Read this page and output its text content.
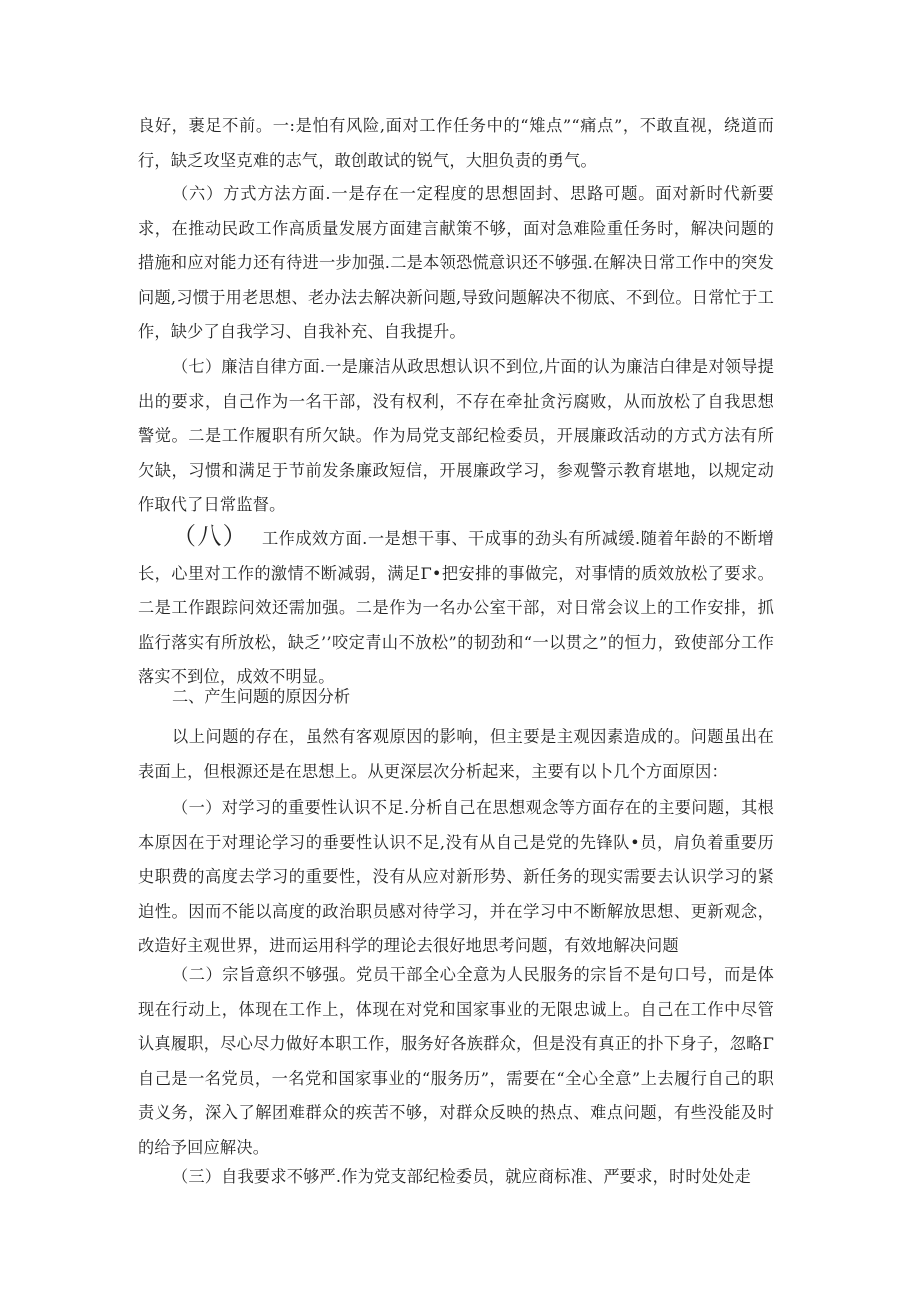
良好，裹足不前。一:是怕有风险,面对工作任务中的“雉点”“痛点”，不敢直视，绕道而行，缺乏攻坚克难的志气，敢创敢试的锐气，大胆负责的勇气。

（六）方式方法方面.一是存在一定程度的思想固封、思路可题。面对新时代新要求，在推动民政工作高质量发展方面建言献策不够，面对急难险重任务时，解决问题的措施和应对能力还有待进一步加强.二是本领恐慌意识还不够强.在解决日常工作中的突发问题,习惯于用老思想、老办法去解决新问题,导致问题解决不彻底、不到位。日常忙于工作，缺少了自我学习、自我补充、自我提升。

（七）廉洁自律方面.一是廉洁从政思想认识不到位,片面的认为廉洁白律是对领导提出的要求，自己作为一名干部，没有权利，不存在牵扯贪污腐败，从而放松了自我思想警觉。二是工作履职有所欠缺。作为局党支部纪检委员，开展廉政活动的方式方法有所欠缺，习惯和满足于节前发条廉政短信，开展廉政学习，参观警示教育堪地，以规定动作取代了日常监督。

（八） 工作成效方面.一是想干事、干成事的劲头有所减缓.随着年龄的不断增长，心里对工作的激情不断减弱，满足Γ•把安排的事做完，对事情的质效放松了要求。二是工作跟踪问效还需加强。二是作为一名办公室干部，对日常会议上的工作安排，抓监行落实有所放松，缺乏’’咬定青山不放松”的韧劲和“一以贯之”的恒力，致使部分工作落实不到位，成效不明显。

二、产生问题的原因分析

以上问题的存在，虽然有客观原因的影响，但主要是主观因素造成的。问题虽出在表面上，但根源还是在思想上。从更深层次分析起来，主要有以卜几个方面原因：

（一）对学习的重要性认识不足.分析自己在思想观念等方面存在的主要问题，其根本原因在于对理论学习的垂要性认识不足,没有从自己是党的先锋队•员，肩负着重要历史职费的高度去学习的重要性，没有从应对新形势、新任务的现实需要去认识学习的紧迫性。因而不能以高度的政治职员感对待学习，并在学习中不断解放思想、更新观念，改造好主观世界，进而运用科学的理论去很好地思考问题，有效地解决问题

（二）宗旨意织不够强。党员干部全心全意为人民服务的宗旨不是句口号，而是体现在行动上，体现在工作上，体现在对党和国家事业的无限忠诚上。自己在工作中尽管认真履职，尽心尽力做好本职工作，服务好各族群众，但是没有真正的扑下身子，忽略Γ自己是一名党员，一名党和国家事业的“服务历”，需要在“全心全意”上去履行自己的职责义务，深入了解团难群众的疾苦不够，对群众反映的热点、难点问题，有些没能及时的给予回应解决。

（三）自我要求不够严.作为党支部纪检委员，就应商标准、严要求，时时处处走
